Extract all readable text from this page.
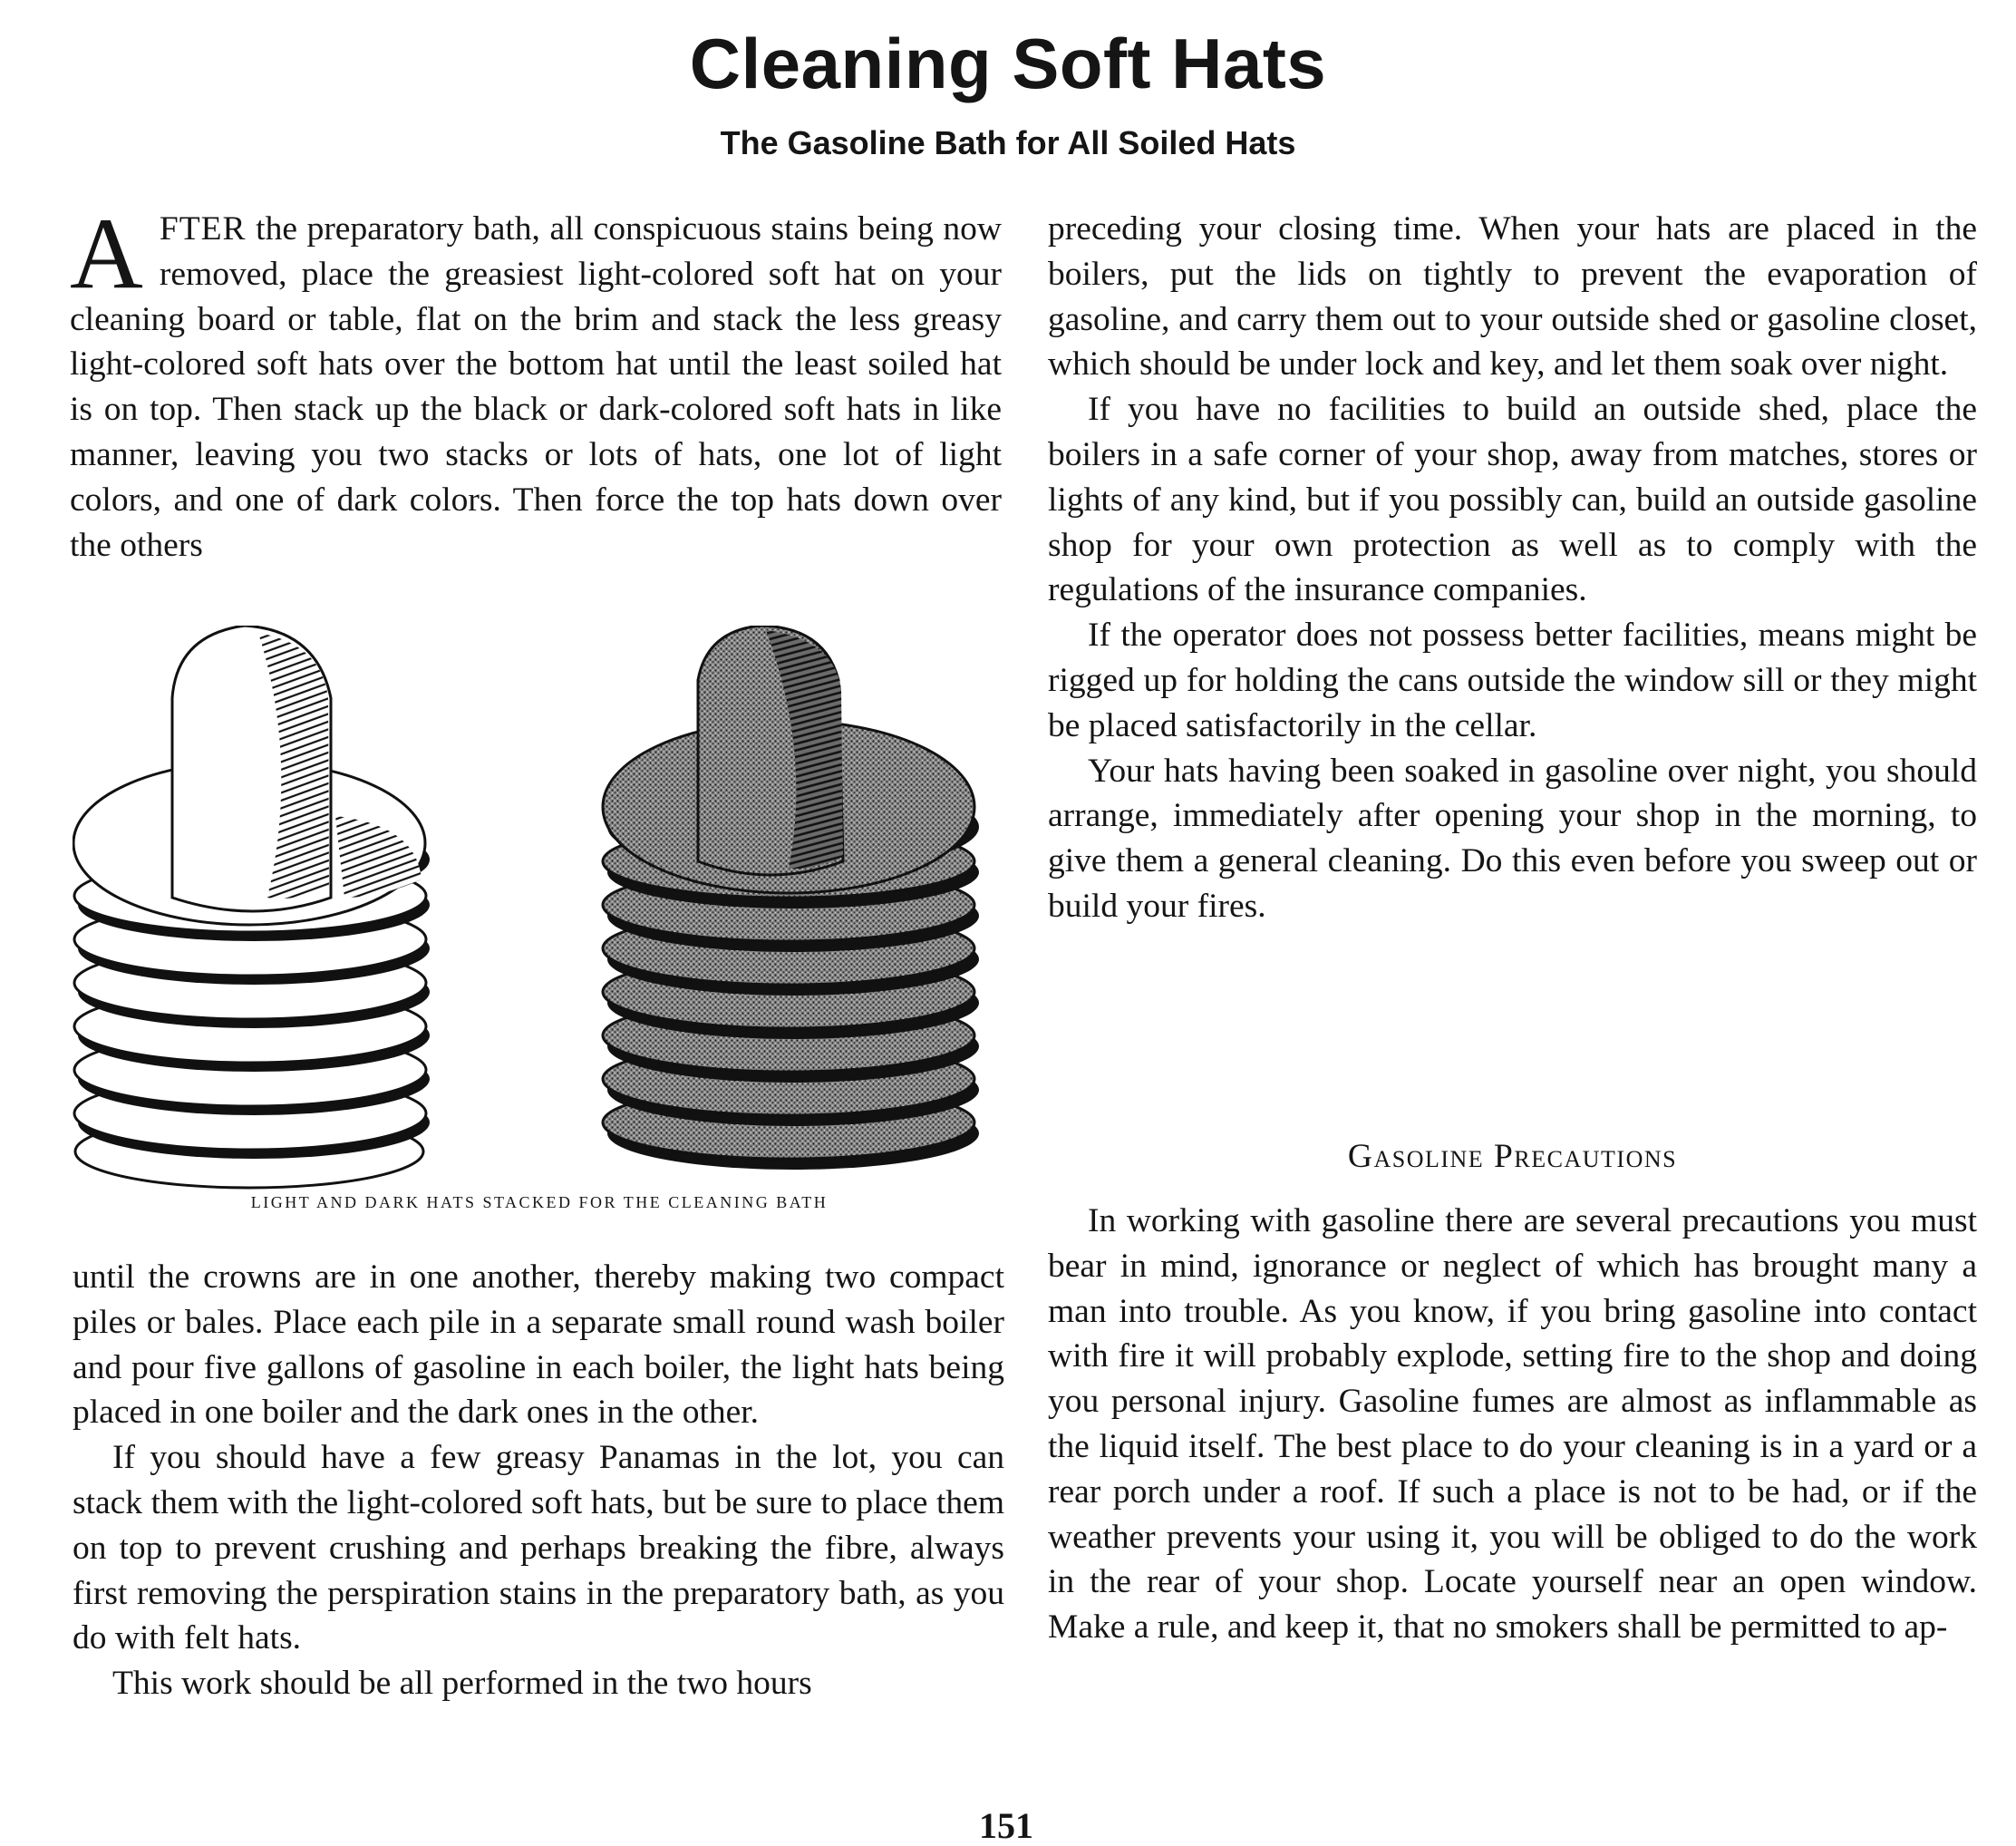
Cleaning Soft Hats
The Gasoline Bath for All Soiled Hats

AFTER the preparatory bath, all conspicuous stains being now removed, place the greasiest light-colored soft hat on your cleaning board or table, flat on the brim and stack the less greasy light-colored soft hats over the bottom hat until the least soiled hat is on top. Then stack up the black or dark-colored soft hats in like manner, leaving you two stacks or lots of hats, one lot of light colors, and one of dark colors. Then force the top hats down over the others

LIGHT AND DARK HATS STACKED FOR THE CLEANING BATH

until the crowns are in one another, thereby making two compact piles or bales. Place each pile in a separate small round wash boiler and pour five gallons of gasoline in each boiler, the light hats being placed in one boiler and the dark ones in the other.

If you should have a few greasy Panamas in the lot, you can stack them with the light-colored soft hats, but be sure to place them on top to prevent crushing and perhaps breaking the fibre, always first removing the perspiration stains in the preparatory bath, as you do with felt hats.

This work should be all performed in the two hours

preceding your closing time. When your hats are placed in the boilers, put the lids on tightly to prevent the evaporation of gasoline, and carry them out to your outside shed or gasoline closet, which should be under lock and key, and let them soak over night.

If you have no facilities to build an outside shed, place the boilers in a safe corner of your shop, away from matches, stores or lights of any kind, but if you possibly can, build an outside gasoline shop for your own protection as well as to comply with the regulations of the insurance companies.

If the operator does not possess better facilities, means might be rigged up for holding the cans outside the window sill or they might be placed satisfactorily in the cellar.

Your hats having been soaked in gasoline over night, you should arrange, immediately after opening your shop in the morning, to give them a general cleaning. Do this even before you sweep out or build your fires.

Gasoline Precautions

In working with gasoline there are several precautions you must bear in mind, ignorance or neglect of which has brought many a man into trouble. As you know, if you bring gasoline into contact with fire it will probably explode, setting fire to the shop and doing you personal injury. Gasoline fumes are almost as inflammable as the liquid itself. The best place to do your cleaning is in a yard or a rear porch under a roof. If such a place is not to be had, or if the weather prevents your using it, you will be obliged to do the work in the rear of your shop. Locate yourself near an open window. Make a rule, and keep it, that no smokers shall be permitted to ap-

151
